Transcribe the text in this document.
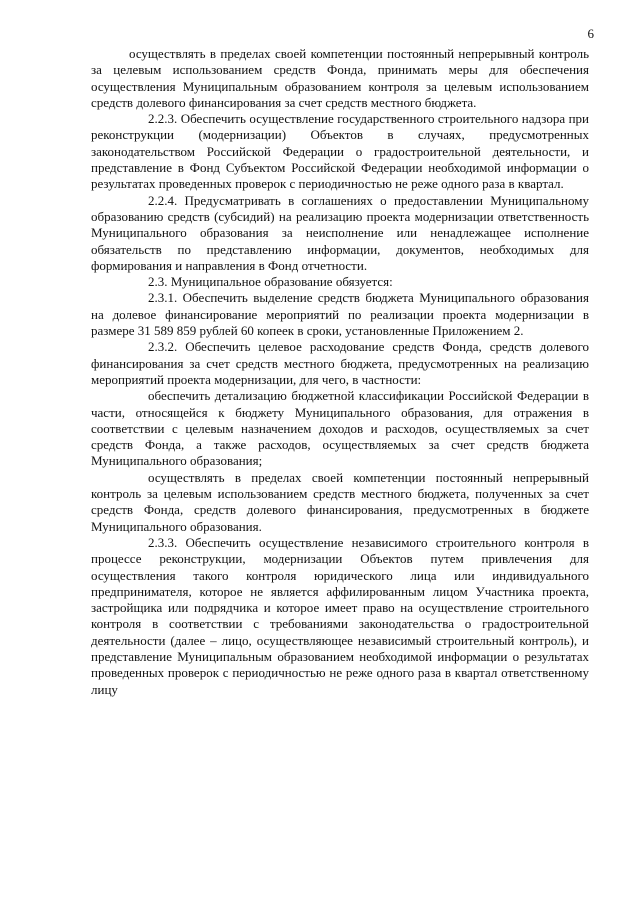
6

осуществлять в пределах своей компетенции постоянный непрерывный контроль за целевым использованием средств Фонда, принимать меры для обеспечения осуществления Муниципальным образованием контроля за целевым использованием средств долевого финансирования за счет средств местного бюджета.

2.2.3. Обеспечить осуществление государственного строительного надзора при реконструкции (модернизации) Объектов в случаях, предусмотренных законодательством Российской Федерации о градостроительной деятельности, и представление в Фонд Субъектом Российской Федерации необходимой информации о результатах проведенных проверок с периодичностью не реже одного раза в квартал.

2.2.4. Предусматривать в соглашениях о предоставлении Муниципальному образованию средств (субсидий) на реализацию проекта модернизации ответственность Муниципального образования за неисполнение или ненадлежащее исполнение обязательств по представлению информации, документов, необходимых для формирования и направления в Фонд отчетности.

2.3. Муниципальное образование обязуется:

2.3.1. Обеспечить выделение средств бюджета Муниципального образования на долевое финансирование мероприятий по реализации проекта модернизации в размере 31 589 859 рублей 60 копеек в сроки, установленные Приложением 2.

2.3.2. Обеспечить целевое расходование средств Фонда, средств долевого финансирования за счет средств местного бюджета, предусмотренных на реализацию мероприятий проекта модернизации, для чего, в частности:

обеспечить детализацию бюджетной классификации Российской Федерации в части, относящейся к бюджету Муниципального образования, для отражения в соответствии с целевым назначением доходов и расходов, осуществляемых за счет средств Фонда, а также расходов, осуществляемых за счет средств бюджета Муниципального образования;

осуществлять в пределах своей компетенции постоянный непрерывный контроль за целевым использованием средств местного бюджета, полученных за счет средств Фонда, средств долевого финансирования, предусмотренных в бюджете Муниципального образования.

2.3.3. Обеспечить осуществление независимого строительного контроля в процессе реконструкции, модернизации Объектов путем привлечения для осуществления такого контроля юридического лица или индивидуального предпринимателя, которое не является аффилированным лицом Участника проекта, застройщика или подрядчика и которое имеет право на осуществление строительного контроля в соответствии с требованиями законодательства о градостроительной деятельности (далее – лицо, осуществляющее независимый строительный контроль), и представление Муниципальным образованием необходимой информации о результатах проведенных проверок с периодичностью не реже одного раза в квартал ответственному лицу
